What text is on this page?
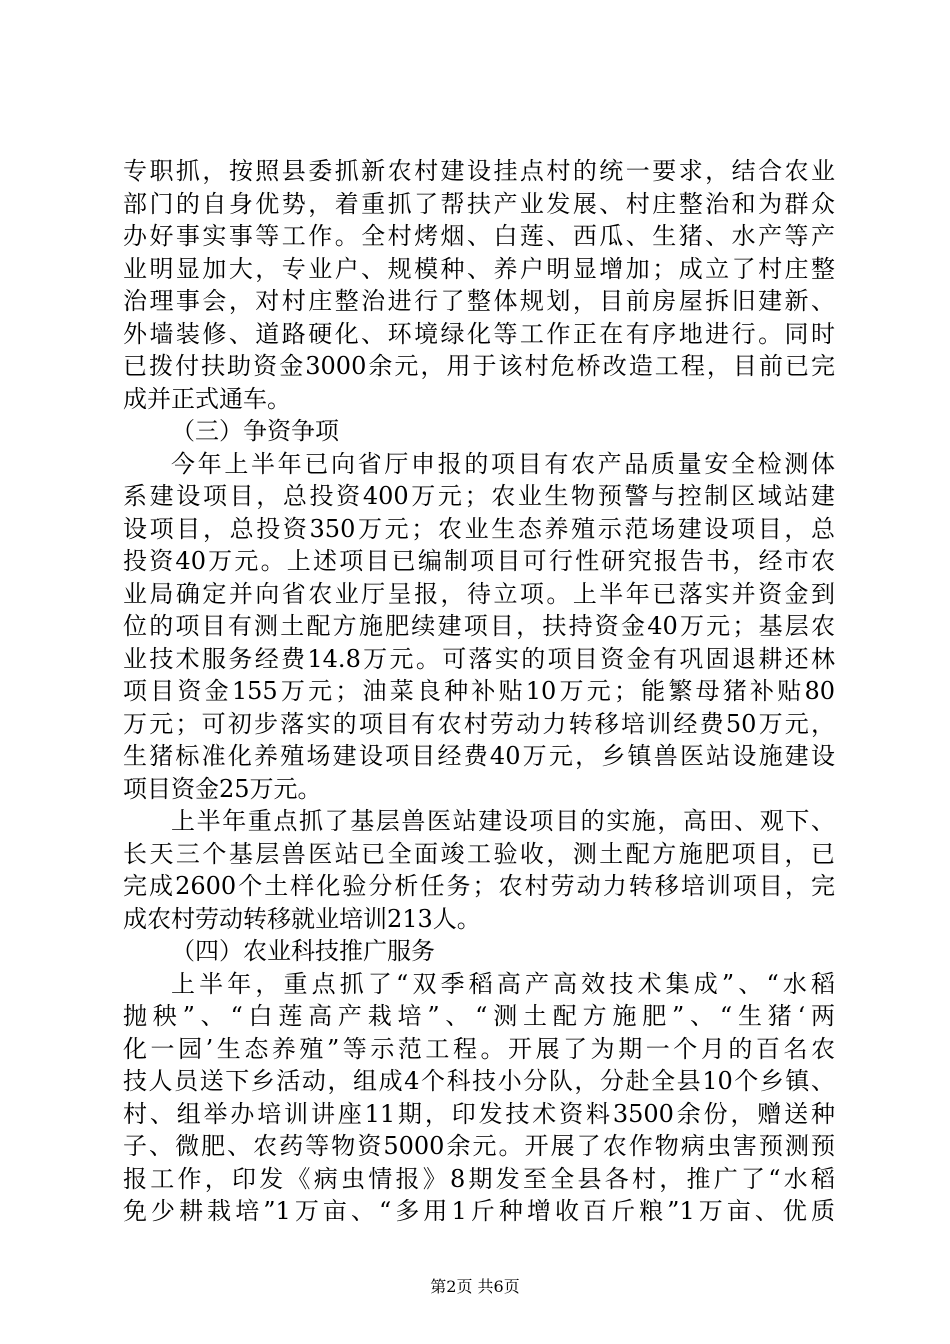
专职抓，按照县委抓新农村建设挂点村的统一要求，结合农业
部门的自身优势，着重抓了帮扶产业发展、村庄整治和为群众
办好事实事等工作。全村烤烟、白莲、西瓜、生猪、水产等产
业明显加大，专业户、规模种、养户明显增加；成立了村庄整
治理事会，对村庄整治进行了整体规划，目前房屋拆旧建新、
外墙装修、道路硬化、环境绿化等工作正在有序地进行。同时
已拨付扶助资金3000余元，用于该村危桥改造工程，目前已完
成并正式通车。
（三）争资争项
今年上半年已向省厅申报的项目有农产品质量安全检测体
系建设项目，总投资400万元；农业生物预警与控制区域站建
设项目，总投资350万元；农业生态养殖示范场建设项目，总
投资40万元。上述项目已编制项目可行性研究报告书，经市农
业局确定并向省农业厅呈报，待立项。上半年已落实并资金到
位的项目有测土配方施肥续建项目，扶持资金40万元；基层农
业技术服务经费14.8万元。可落实的项目资金有巩固退耕还林
项目资金155万元；油菜良种补贴10万元；能繁母猪补贴80
万元；可初步落实的项目有农村劳动力转移培训经费50万元，
生猪标准化养殖场建设项目经费40万元，乡镇兽医站设施建设
项目资金25万元。
上半年重点抓了基层兽医站建设项目的实施，高田、观下、
长天三个基层兽医站已全面竣工验收，测土配方施肥项目，已
完成2600个土样化验分析任务；农村劳动力转移培训项目，完
成农村劳动转移就业培训213人。
（四）农业科技推广服务
上半年，重点抓了“双季稻高产高效技术集成”、“水稻
抛秧”、“白莲高产栽培”、“测土配方施肥”、“生猪‘两
化一园’生态养殖”等示范工程。开展了为期一个月的百名农
技人员送下乡活动，组成4个科技小分队，分赴全县10个乡镇、
村、组举办培训讲座11期，印发技术资料3500余份，赠送种
子、微肥、农药等物资5000余元。开展了农作物病虫害预测预
报工作，印发《病虫情报》8期发至全县各村，推广了“水稻
免少耕栽培”1万亩、“多用1斤种增收百斤粮”1万亩、优质
第2页 共6页
